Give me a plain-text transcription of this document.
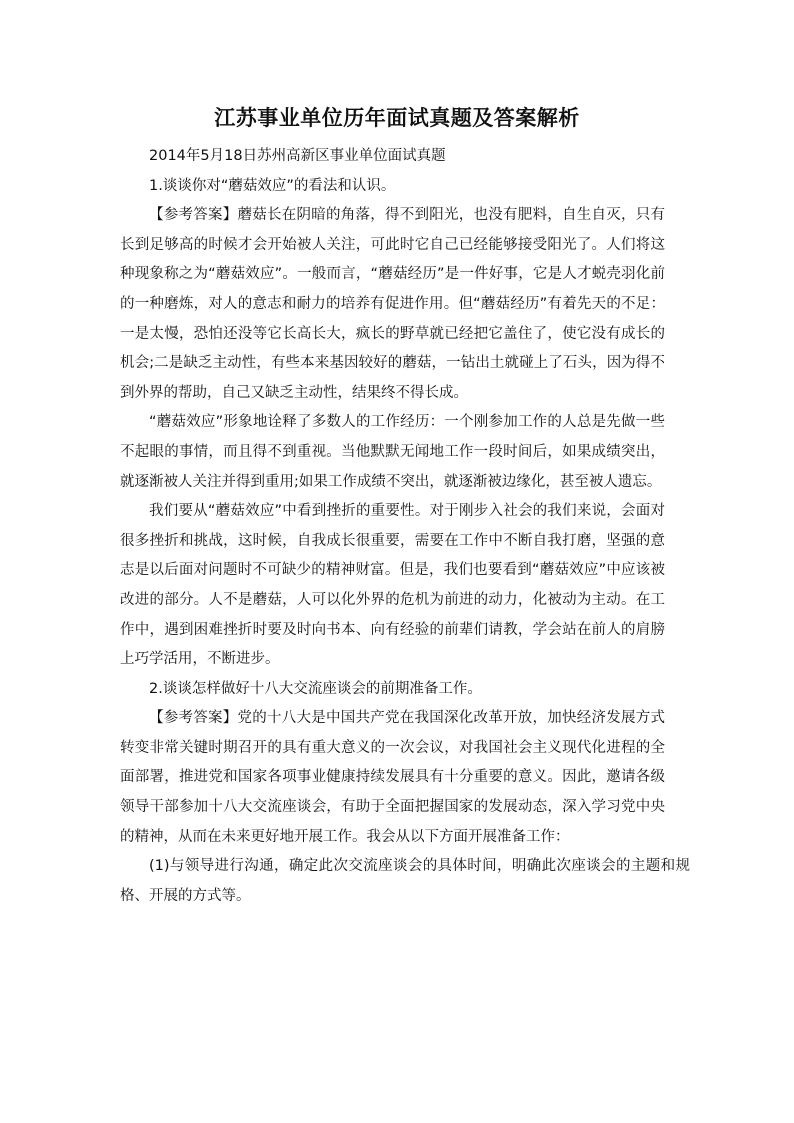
江苏事业单位历年面试真题及答案解析

2014年5月18日苏州高新区事业单位面试真题

1.谈谈你对“蘑菇效应”的看法和认识。

【参考答案】蘑菇长在阴暗的角落，得不到阳光，也没有肥料，自生自灭，只有长到足够高的时候才会开始被人关注，可此时它自己已经能够接受阳光了。人们将这种现象称之为“蘑菇效应”。一般而言，“蘑菇经历”是一件好事，它是人才蜕壳羽化前的一种磨炼，对人的意志和耐力的培养有促进作用。但“蘑菇经历”有着先天的不足：一是太慢，恐怕还没等它长高长大，疯长的野草就已经把它盖住了，使它没有成长的机会;二是缺乏主动性，有些本来基因较好的蘑菇，一钻出土就碰上了石头，因为得不到外界的帮助，自己又缺乏主动性，结果终不得长成。

“蘑菇效应”形象地诠释了多数人的工作经历：一个刚参加工作的人总是先做一些不起眼的事情，而且得不到重视。当他默默无闻地工作一段时间后，如果成绩突出，就逐渐被人关注并得到重用;如果工作成绩不突出，就逐渐被边缘化，甚至被人遗忘。

我们要从“蘑菇效应”中看到挫折的重要性。对于刚步入社会的我们来说，会面对很多挫折和挑战，这时候，自我成长很重要，需要在工作中不断自我打磨，坚强的意志是以后面对问题时不可缺少的精神财富。但是，我们也要看到“蘑菇效应”中应该被改进的部分。人不是蘑菇，人可以化外界的危机为前进的动力，化被动为主动。在工作中，遇到困难挫折时要及时向书本、向有经验的前辈们请教，学会站在前人的肩膀上巧学活用，不断进步。

2.谈谈怎样做好十八大交流座谈会的前期准备工作。

【参考答案】党的十八大是中国共产党在我国深化改革开放，加快经济发展方式转变非常关键时期召开的具有重大意义的一次会议，对我国社会主义现代化进程的全面部署，推进党和国家各项事业健康持续发展具有十分重要的意义。因此，邀请各级领导干部参加十八大交流座谈会，有助于全面把握国家的发展动态，深入学习党中央的精神，从而在未来更好地开展工作。我会从以下方面开展准备工作：

(1)与领导进行沟通，确定此次交流座谈会的具体时间，明确此次座谈会的主题和规格、开展的方式等。
